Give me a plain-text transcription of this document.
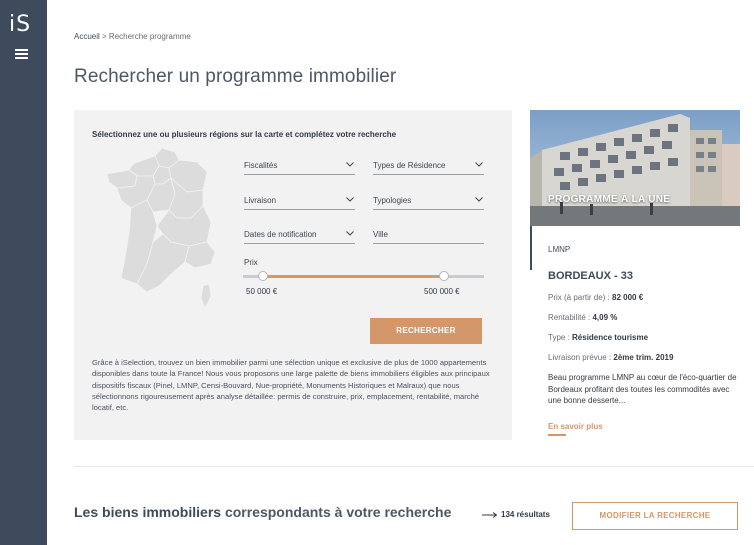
iS	Accueil > Recherche programme
Rechercher un programme immobilier
Sélectionnez une ou plusieurs régions sur la carte et complétez votre recherche
Fiscalités	Types de Résidence
Livraison	Typologies
Dates de notification	Ville
Prix
50 000 €	500 000 €
RECHERCHER

Grâce à iSelection, trouvez un bien immobilier parmi une sélection unique et exclusive de plus de 1000 appartements disponibles dans toute la France! Nous vous proposons une large palette de biens immobiliers éligibles aux principaux dispositifs fiscaux (Pinel, LMNP, Censi-Bouvard, Nue-propriété, Monuments Historiques et Malraux) que nous sélectionnons rigoureusement après analyse détaillée: permis de construire, prix, emplacement, rentabilité, marché locatif, etc.

PROGRAMME À LA UNE
LMNP
BORDEAUX - 33
Prix (à partir de) : 82 000 €
Rentabilité : 4,09 %
Type : Résidence tourisme
Livraison prévue : 2ème trim. 2019

Beau programme LMNP au cœur de l'éco-quartier de Bordeaux profitant des toutes les commodités avec une bonne desserte...

En savoir plus
Les biens immobiliers correspondants à votre recherche	134 résultats	MODIFIER LA RECHERCHE
